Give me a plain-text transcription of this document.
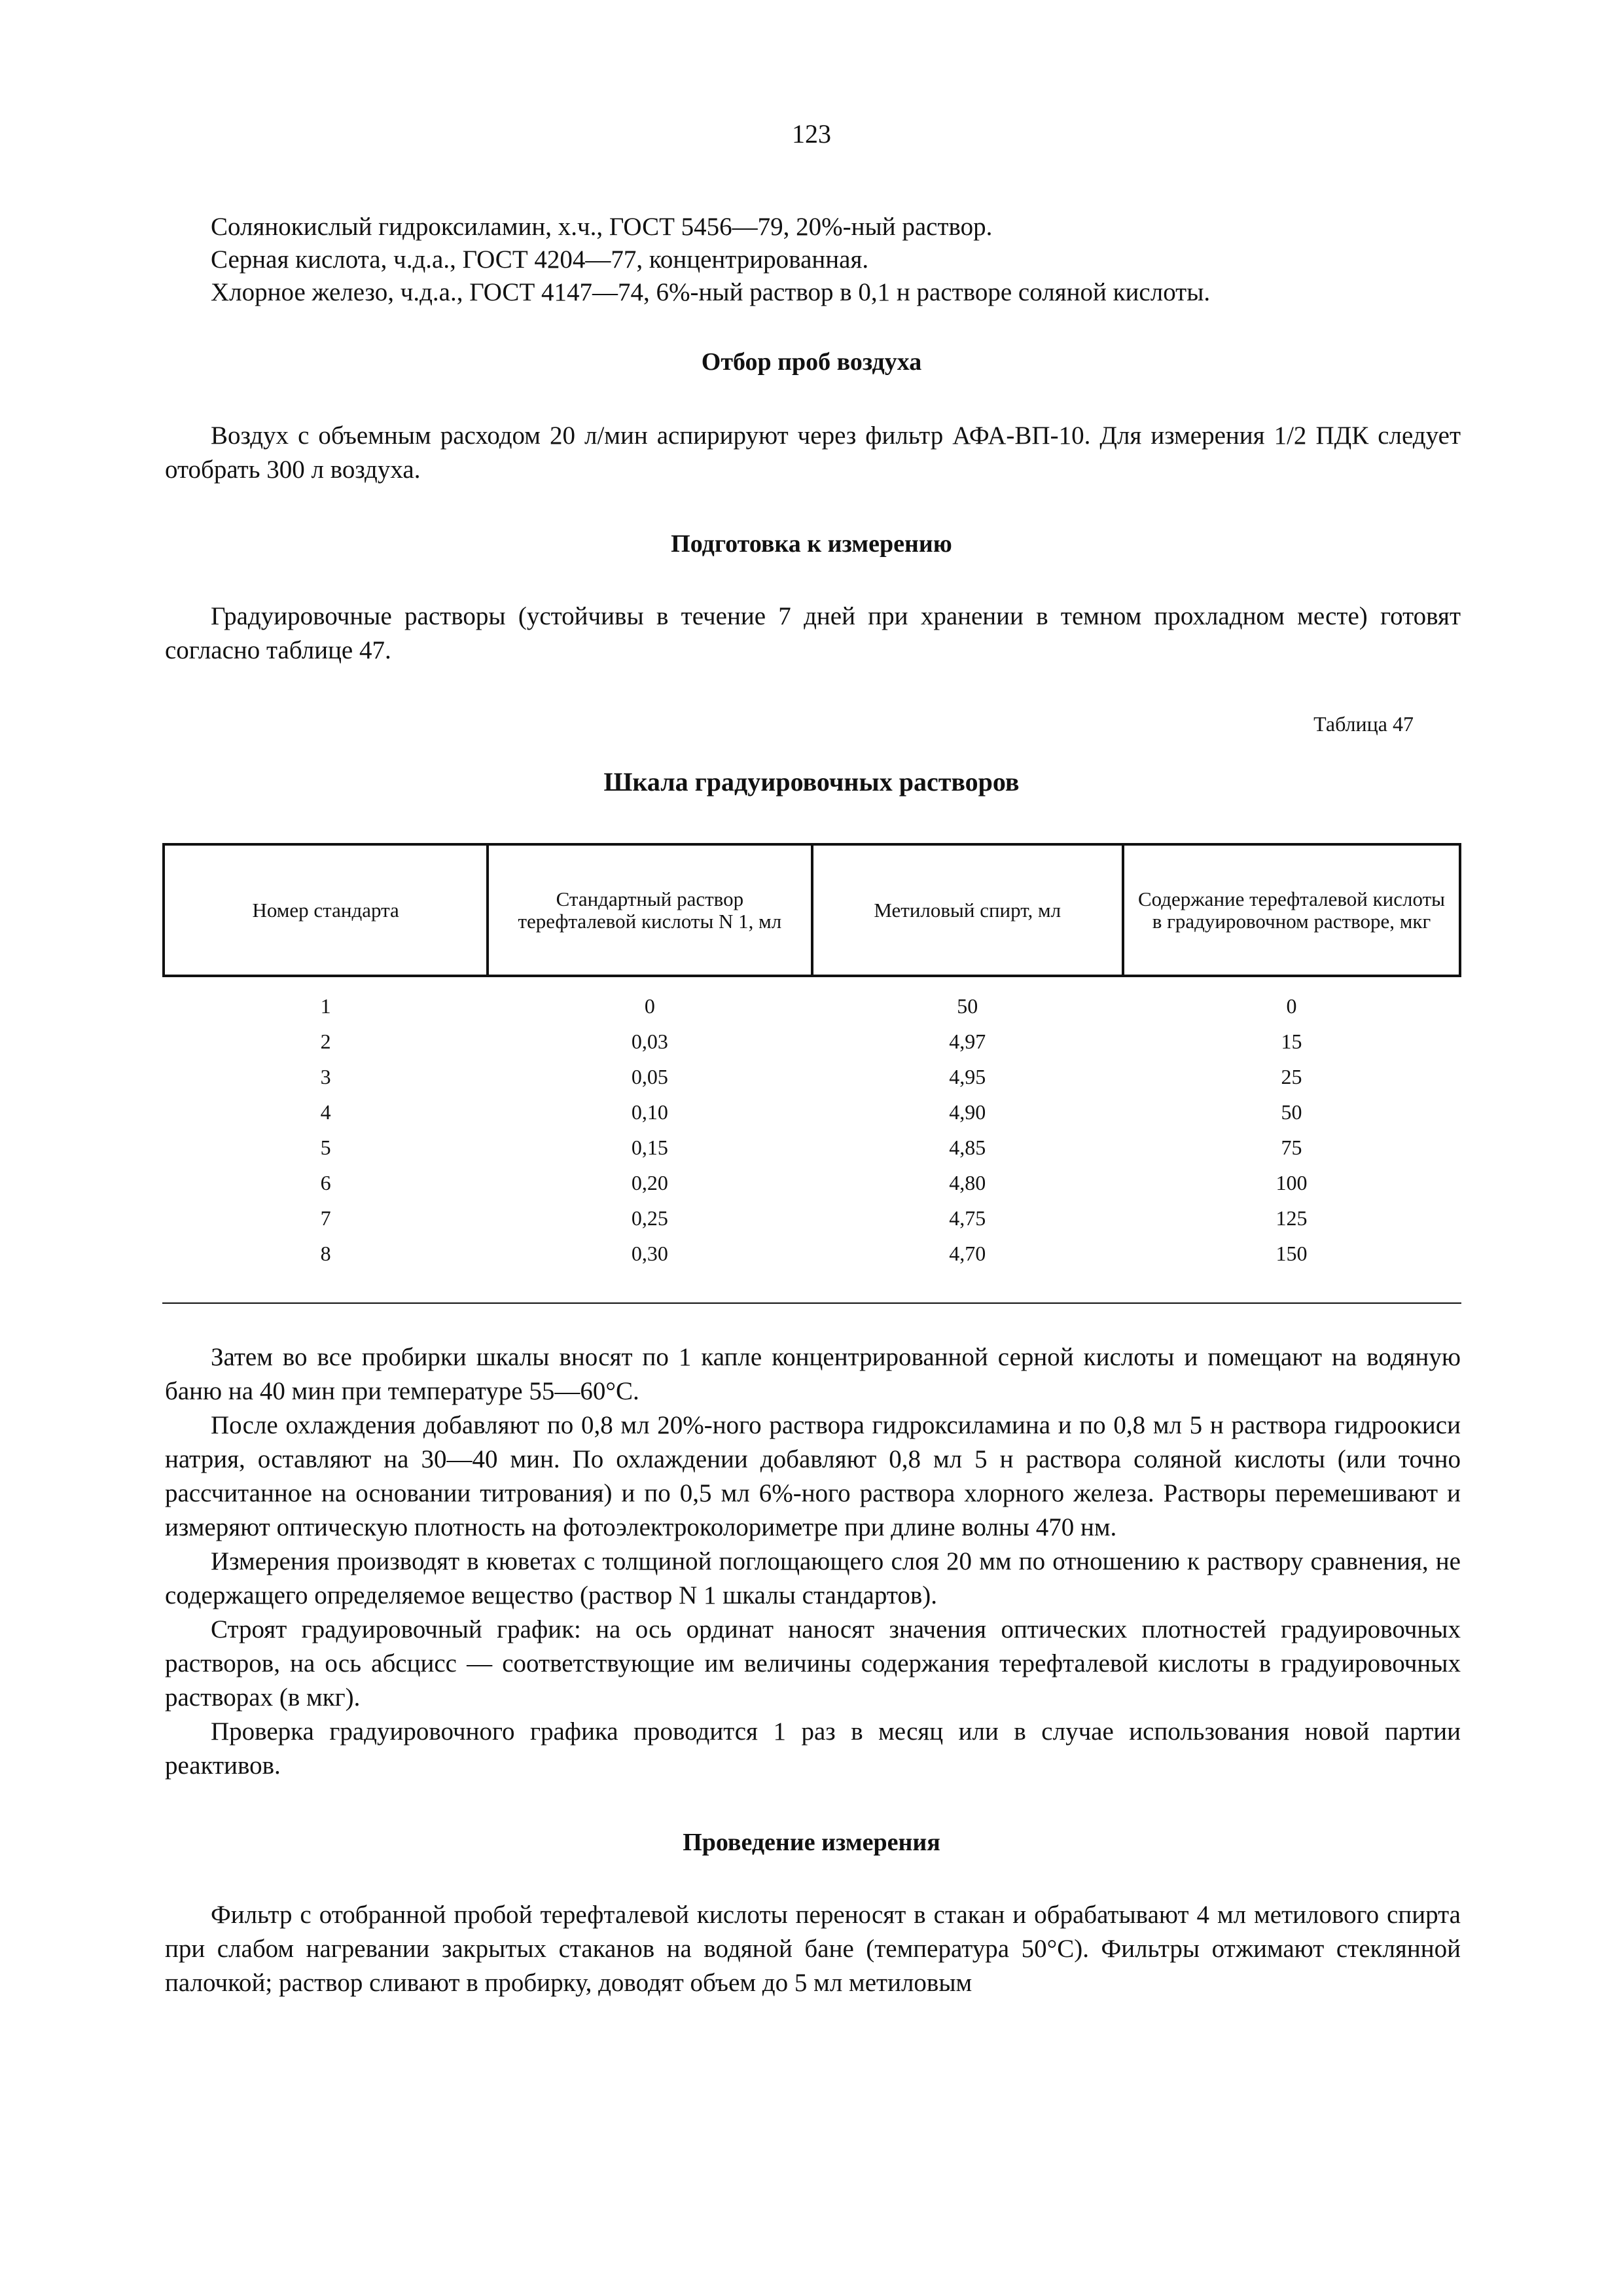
123
Солянокислый гидроксиламин, х.ч., ГОСТ 5456—79, 20%-ный раствор.
Серная кислота, ч.д.а., ГОСТ 4204—77, концентрированная.
Хлорное железо, ч.д.а., ГОСТ 4147—74, 6%-ный раствор в 0,1 н растворе соляной кислоты.
Отбор проб воздуха

Воздух с объемным расходом 20 л/мин аспирируют через фильтр АФА-ВП-10. Для измерения 1/2 ПДК следует отобрать 300 л воздуха.

Подготовка к измерению

Градуировочные растворы (устойчивы в течение 7 дней при хранении в темном прохладном месте) готовят согласно таблице 47.

Таблица 47
Шкала градуировочных растворов
Номер стандарта	Стандартный раствор терефталевой кислоты N 1, мл	Метиловый спирт, мл	Содержание терефталевой кислоты в градуировочном растворе, мкг
1	0	50	0
2	0,03	4,97	15
3	0,05	4,95	25
4	0,10	4,90	50
5	0,15	4,85	75
6	0,20	4,80	100
7	0,25	4,75	125
8	0,30	4,70	150

Затем во все пробирки шкалы вносят по 1 капле концентрированной серной кислоты и помещают на водяную баню на 40 мин при температуре 55—60°С.

После охлаждения добавляют по 0,8 мл 20%-ного раствора гидроксиламина и по 0,8 мл 5 н раствора гидроокиси натрия, оставляют на 30—40 мин. По охлаждении добавляют 0,8 мл 5 н раствора соляной кислоты (или точно рассчитанное на основании титрования) и по 0,5 мл 6%-ного раствора хлорного железа. Растворы перемешивают и измеряют оптическую плотность на фотоэлектроколориметре при длине волны 470 нм.

Измерения производят в кюветах с толщиной поглощающего слоя 20 мм по отношению к раствору сравнения, не содержащего определяемое вещество (раствор N 1 шкалы стандартов).

Строят градуировочный график: на ось ординат наносят значения оптических плотностей градуировочных растворов, на ось абсцисс — соответствующие им величины содержания терефталевой кислоты в градуировочных растворах (в мкг).

Проверка градуировочного графика проводится 1 раз в месяц или в случае использования новой партии реактивов.

Проведение измерения

Фильтр с отобранной пробой терефталевой кислоты переносят в стакан и обрабатывают 4 мл метилового спирта при слабом нагревании закрытых стаканов на водяной бане (температура 50°С). Фильтры отжимают стеклянной палочкой; раствор сливают в пробирку, доводят объем до 5 мл метиловым
